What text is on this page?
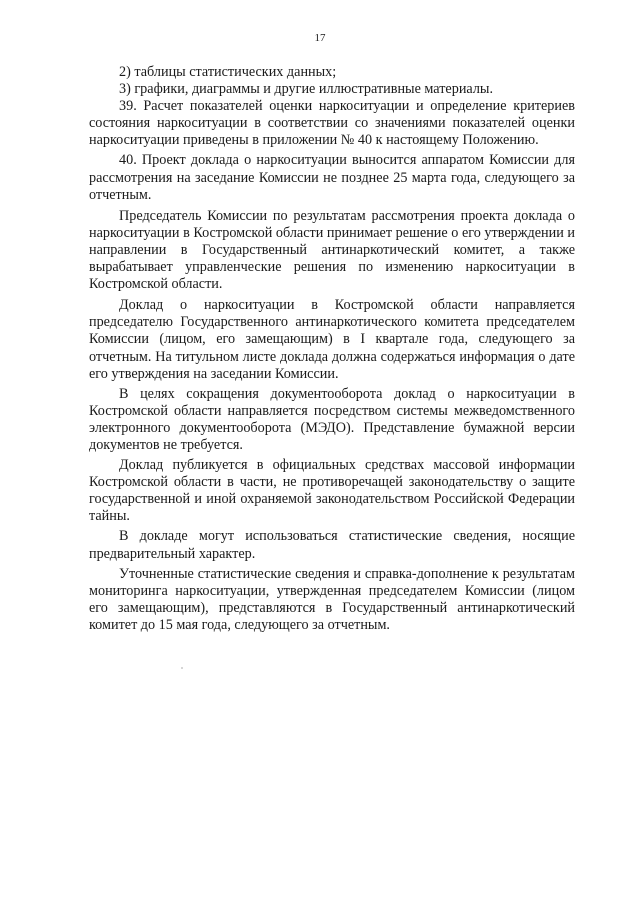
17

2) таблицы статистических данных;

3) графики, диаграммы и другие иллюстративные материалы.

39. Расчет показателей оценки наркоситуации и определение критериев состояния наркоситуации в соответствии со значениями показателей оценки наркоситуации приведены в приложении № 40 к настоящему Положению.

40. Проект доклада о наркоситуации выносится аппаратом Комиссии для рассмотрения на заседание Комиссии не позднее 25 марта года, следующего за отчетным.

Председатель Комиссии по результатам рассмотрения проекта доклада о наркоситуации в Костромской области принимает решение о его утверждении и направлении в Государственный антинаркотический комитет, а также вырабатывает управленческие решения по изменению наркоситуации в Костромской области.

Доклад о наркоситуации в Костромской области направляется председателю Государственного антинаркотического комитета председателем Комиссии (лицом, его замещающим) в I квартале года, следующего за отчетным. На титульном листе доклада должна содержаться информация о дате его утверждения на заседании Комиссии.

В целях сокращения документооборота доклад о наркоситуации в Костромской области направляется посредством системы межведомственного электронного документооборота (МЭДО). Представление бумажной версии документов не требуется.

Доклад публикуется в официальных средствах массовой информации Костромской области в части, не противоречащей законодательству о защите государственной и иной охраняемой законодательством Российской Федерации тайны.

В докладе могут использоваться статистические сведения, носящие предварительный характер.

Уточненные статистические сведения и справка-дополнение к результатам мониторинга наркоситуации, утвержденная председателем Комиссии (лицом его замещающим), представляются в Государственный антинаркотический комитет до 15 мая года, следующего за отчетным.
